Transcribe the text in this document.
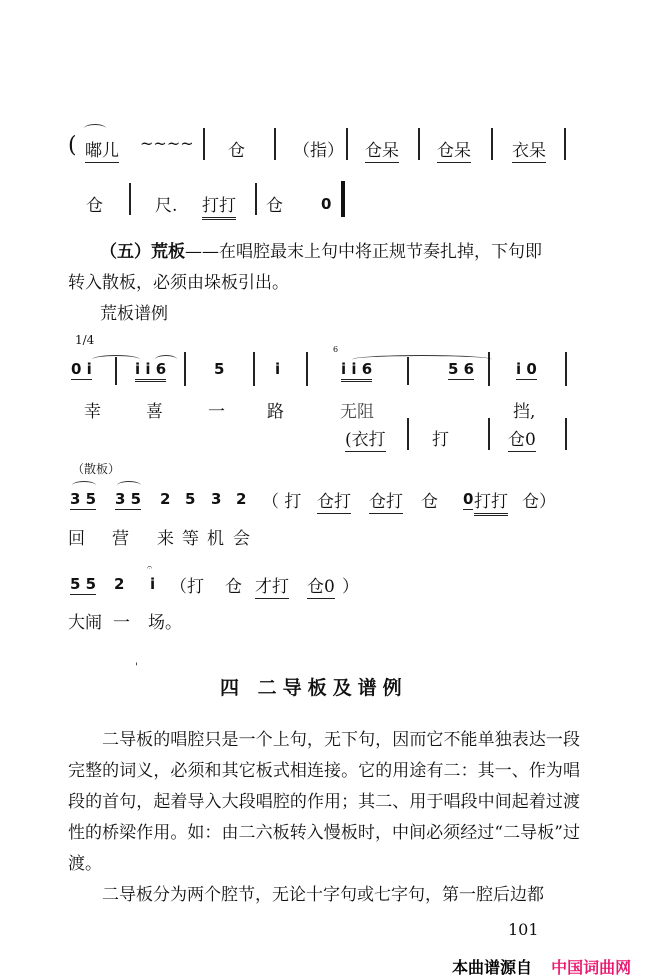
( 嘟儿 ~~~~ 仓	（指） 仓呆 仓呆 衣呆
仓	尺. 打打 仓	0
（五）荒板——在唱腔最末上句中将正规节奏扎掉，下句即
转入散板，必须由垛板引出。
荒板谱例
1/4
0 i	i i 6	5	i
6
i i 6	5 6	i 0
幸	喜	一 路	无阻	挡,
(衣打	打	仓0
（散板）
3 5 3 5 2 5 3 2 （ 打 仓打 仓打 仓 0 打打 仓）
回 营 来 等 机 会
5 5 2
𝄐
i （打 仓 才打 仓0 ）
大闹 一 场。
'
四 二导板及谱例
二导板的唱腔只是一个上句，无下句，因而它不能单独表达一段完整的词义，必须和其它板式相连接。它的用途有二：其一、作为唱段的首句，起着导入大段唱腔的作用；其二、用于唱段中间起着过渡性的桥梁作用。如：由二六板转入慢板时，中间必须经过“二导板”过渡。
二导板分为两个腔节，无论十字句或七字句，第一腔后边都
101
本曲谱源自 中国词曲网
